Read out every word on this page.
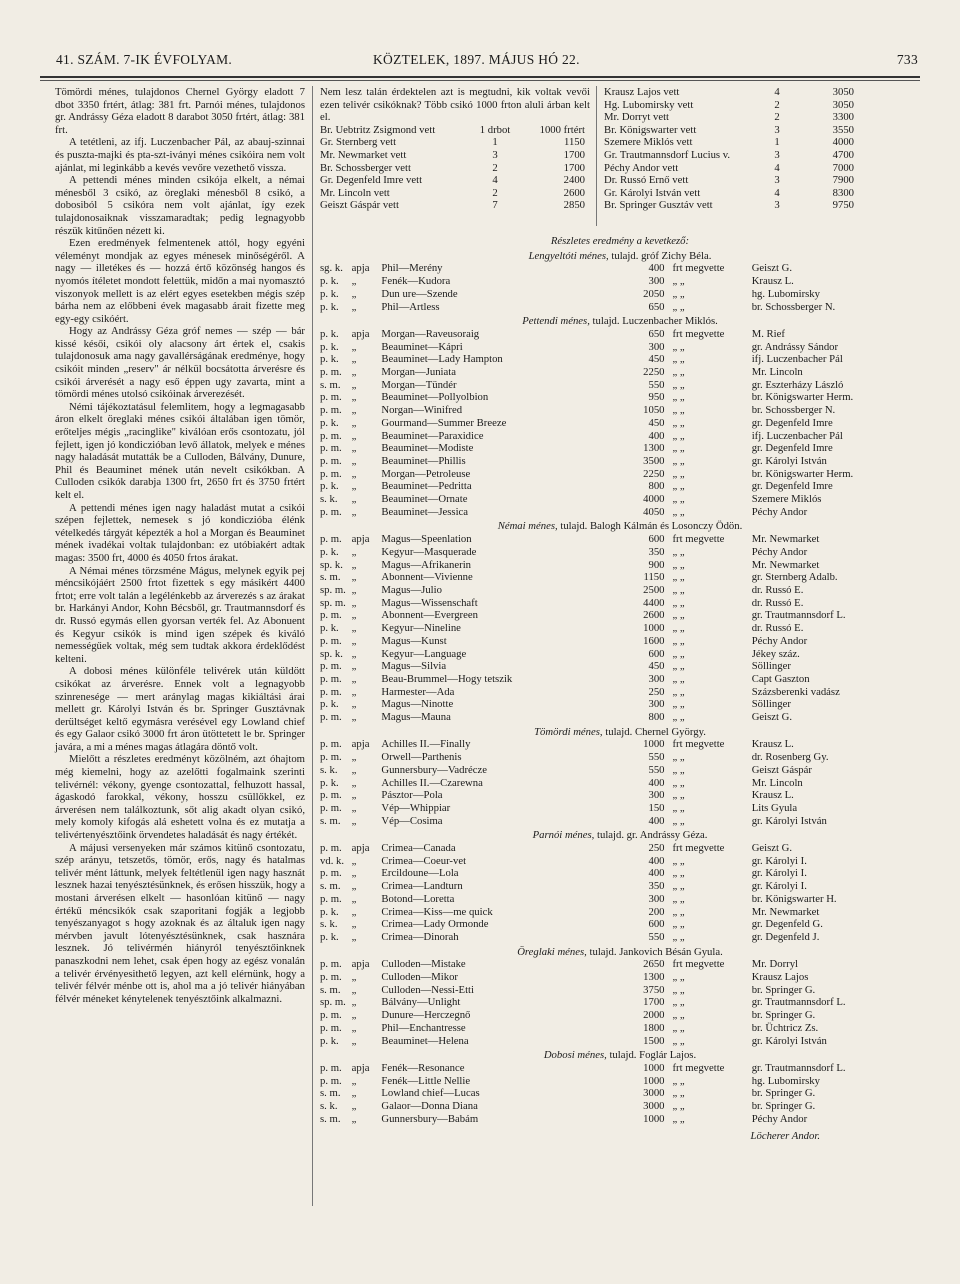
41. SZÁM. 7-IK ÉVFOLYAM.	KÖZTELEK, 1897. MÁJUS HÓ 22.	733

Tömördi ménes, tulajdonos Chernel György eladott 7 dbot 3350 frtért, átlag: 381 frt. Parnói ménes, tulajdonos gr. Andrássy Géza eladott 8 darabot 3050 frtért, átlag: 381 frt.

A tetétleni, az ifj. Luczenbacher Pál, az abauj-szinnai és puszta-majki és pta-szt-iványi ménes csikóira nem volt ajánlat, mi leginkább a kevés vevőre vezethető vissza.

A pettendi ménes minden csikója elkelt, a némai ménesből 3 csikó, az öreglaki ménesből 8 csikó, a dobosiból 5 csikóra nem volt ajánlat, így ezek tulajdonosaiknak visszamaradtak; pedig legnagyobb részük kitűnően nézett ki.

Ezen eredmények felmentenek attól, hogy egyéni véleményt mondjak az egyes ménesek minőségéről. A nagy — illetékes és — hozzá értő közönség hangos és nyomós ítéletet mondott felettük, midőn a mai nyomasztó viszonyok mellett is az elért egyes esetekben mégis szép bárha nem az előbbeni évek magasabb árait fizette meg egy-egy csikóért.

Hogy az Andrássy Géza gróf nemes — szép — bár kissé késői, csikói oly alacsony árt értek el, csakis tulajdonosuk ama nagy gavallérságának eredménye, hogy csikóit minden „reserv" ár nélkül bocsátotta árverésre és csikói árverését a nagy eső éppen ugy zavarta, mint a tömördi ménes utolsó csikóinak árverezését.

Némi tájékoztatásul felemlitem, hogy a legmagasabb áron elkelt öreglaki ménes csikói általában igen tömör, erőteljes mégis „racinglike" kiválóan erős csontozatu, jól fejlett, igen jó kondiczióban levő állatok, melyek e ménes nagy haladását mutatták be a Culloden, Bálvány, Dunure, Phil és Beauminet mének után nevelt csikókban. A Culloden csikók darabja 1300 frt, 2650 frt és 3750 frtért kelt el.

A pettendi ménes igen nagy haladást mutat a csikói szépen fejlettek, nemesek s jó kondiczióba élénk vételkedés tárgyát képezték a hol a Morgan és Beauminet mének ivadékai voltak tulajdonban: ez utóbiakért adtak magas: 3500 frt, 4000 és 4050 frtos árakat.

A Némai ménes törzsméne Mágus, melynek egyik pej méncsikójáért 2500 frtot fizettek s egy másikért 4400 frtot; erre volt talán a legélénkebb az árverezés s az árakat br. Harkányi Andor, Kohn Bécsből, gr. Trautmannsdorf és dr. Russó egymás ellen gyorsan verték fel. Az Abonuent és Kegyur csikók is mind igen szépek és kiváló nemességűek voltak, még sem tudtak akkora érdeklődést kelteni.

A dobosi ménes különféle telivérek után küldött csikókat az árverésre. Ennek volt a legnagyobb szinrenesége — mert aránylag magas kikiáltási árai mellett gr. Károlyi István és br. Springer Gusztávnak derültséget keltő egymásra verésével egy Lowland chief és egy Galaor csikó 3000 frt áron ütöttetett le br. Springer javára, a mi a ménes magas átlagára döntő volt.

Mielőtt a részletes eredményt közölném, azt óhajtom még kiemelni, hogy az azelőtti fogalmaink szerinti telivérnél: vékony, gyenge csontozattal, felhuzott hassal, ágaskodó farokkal, vékony, hosszu csüllőkkel, ez árverésen nem találkoztunk, sőt alig akadt olyan csikó, mely komoly kifogás alá eshetett volna és ez mutatja a telivértenyésztőink örvendetes haladását és nagy értékét.

A májusi versenyeken már számos kitünő csontozatu, szép arányu, tetszetős, tömör, erős, nagy és hatalmas telivér mént láttunk, melyek feltétlenül igen nagy hasznát lesznek hazai tenyésztésünknek, és erősen hisszük, hogy a mostani árverésen elkelt — hasonlóan kitünő — nagy értékű méncsikók csak szaporitani fogják a legjobb tenyészanyagot s hogy azoknak és az általuk igen nagy mérvben javult lótenyésztésünknek, csak hasznára lesznek. Jó telivérmén hiányról tenyésztőinknek panaszkodni nem lehet, csak épen hogy az egész vonalán a telivér érvényesithető legyen, azt kell elérnünk, hogy a telivér félvér ménbe ott is, ahol ma a jó telivér hiányában félvér méneket kénytelenek tenyésztőink alkalmazni.

Nem lesz talán érdektelen azt is megtudni, kik voltak vevői ezen telivér csikóknak? Több csikó 1000 frton aluli árban kelt el.

Br. Uebtritz Zsigmond vett	1 drbot	1000 frtért
Gr. Sternberg vett	1	1150
Mr. Newmarket vett	3	1700
Br. Schossberger vett	2	1700
Gr. Degenfeld Imre vett	4	2400
Mr. Lincoln vett	2	2600
Geiszt Gáspár vett	7	2850
Krausz Lajos vett	4	3050
Hg. Lubomirsky vett	2	3050
Mr. Dorryt vett	2	3300
Br. Königswarter vett	3	3550
Szemere Miklós vett	1	4000
Gr. Trautmannsdorf Lucius v.	3	4700
Péchy Andor vett	4	7000
Dr. Russó Ernő vett	3	7900
Gr. Károlyi István vett	4	8300
Br. Springer Gusztáv vett	3	9750
Részletes eredmény a kevetkező:
Lengyeltóti ménes, tulajd. gróf Zichy Béla.
sg. k. apja	Phil—Merény	400 frt megvette	Geiszt G.
p. k.	„	Fenék—Kudora	300 „ „	Krausz L.
p. k.	„	Dun ure—Szende	2050 „ „	hg. Lubomirsky
p. k.	„	Phil—Artless	650 „ „	br. Schossberger N.
Pettendi ménes, tulajd. Luczenbacher Miklós.
p. k.	apja	Morgan—Raveusoraig	650 frt megvette	M. Rief
p. k.	„	Beauminet—Kápri	300 „ „	gr. Andrássy Sándor
p. k.	„	Beauminet—Lady Hampton	450 „ „	ifj. Luczenbacher Pál
p. m. „	Morgan—Juniata	2250 „ „	Mr. Lincoln
s. m.	„	Morgan—Tündér	550 „ „	gr. Eszterházy László
p. m. „	Beauminet—Pollyolbion	950 „ „	br. Königswarter Herm.
p. m. „	Norgan—Winifred	1050 „ „	br. Schossberger N.
p. k.	„	Gourmand—Summer Breeze	450 „ „	gr. Degenfeld Imre
p. m. „	Beauminet—Paraxidice	400 „ „	ifj. Luczenbacher Pál
p. m. „	Beauminet—Modiste	1300 „ „	gr. Degenfeld Imre
p. m. „	Beauminet—Phillis	3500 „ „	gr. Károlyi István
p. m. „	Morgan—Petroleuse	2250 „ „	br. Königswarter Herm.
p. k.	„	Beauminet—Pedritta	800 „ „	gr. Degenfeld Imre
s. k.	„	Beauminet—Ornate	4000 „ „	Szemere Miklós
p. m. „	Beauminet—Jessica	4050 „ „	Péchy Andor
Némai ménes, tulajd. Balogh Kálmán és Losonczy Ödön.
p. m. apja	Magus—Speenlation	600 frt megvette	Mr. Newmarket
p. k.	„	Kegyur—Masquerade	350 „ „	Péchy Andor
sp. k. „	Magus—Afrikanerin	900 „ „	Mr. Newmarket
s. m.	„	Abonnent—Vivienne	1150 „ „	gr. Sternberg Adalb.
sp. m. „	Magus—Julio	2500 „ „	dr. Russó E.
sp. m. „	Magus—Wissenschaft	4400 „ „	dr. Russó E.
p. m. „	Abonnent—Evergreen	2600 „ „	gr. Trautmannsdorf L.
p. k.	„	Kegyur—Nineline	1000 „ „	dr. Russó E.
p. m. „	Magus—Kunst	1600 „ „	Péchy Andor
sp. k. „	Kegyur—Language	600 „ „	Jékey száz.
p. m. „	Magus—Silvia	450 „ „	Söllinger
p. m. „	Beau-Brummel—Hogy tetszik	300 „ „	Capt Gaszton
p. m. „	Harmester—Ada	250 „ „	Százsberenki vadász
p. k.	„	Magus—Ninotte	300 „ „	Söllinger
p. m. „	Magus—Mauna	800 „ „	Geiszt G.
Tömördi ménes, tulajd. Chernel György.
p. m. apja	Achilles II.—Finally	1000 frt megvette	Krausz L.
p. m. „	Orwell—Parthenis	550 „ „	dr. Rosenberg Gy.
s. k.	„	Gunnersbury—Vadrécze	550 „ „	Geiszt Gáspár
p. k.	„	Achilles II.—Czarewna	400 „ „	Mr. Lincoln
p. m. „	Pásztor—Pola	300 „ „	Krausz L.
p. m. „	Vép—Whippiar	150 „ „	Lits Gyula
s. m.	„	Vép—Cosima	400 „ „	gr. Károlyi István
Parnói ménes, tulajd. gr. Andrássy Géza.
p. m. apja	Crimea—Canada	250 frt megvette	Geiszt G.
vd. k. „	Crimea—Coeur-vet	400 „ „	gr. Károlyi I.
p. m. „	Ercildoune—Lola	400 „ „	gr. Károlyi I.
s. m.	„	Crimea—Landturn	350 „ „	gr. Károlyi I.
p. m. „	Botond—Loretta	300 „ „	br. Königswarter H.
p. k.	„	Crimea—Kiss—me quick	200 „ „	Mr. Newmarket
s. k.	„	Crimea—Lady Ormonde	600 „ „	gr. Degenfeld G.
p. k.	„	Crimea—Dinorah	550 „ „	gr. Degenfeld J.
Öreglaki ménes, tulajd. Jankovich Bésán Gyula.
p. m. apja	Culloden—Mistake	2650 frt megvette	Mr. Dorryl
p. m. „	Culloden—Mikor	1300 „ „	Krausz Lajos
s. m.	„	Culloden—Nessi-Etti	3750 „ „	br. Springer G.
sp. m. „	Bálvány—Unlight	1700 „ „	gr. Trautmannsdorf L.
p. m. „	Dunure—Herczegnő	2000 „ „	br. Springer G.
p. m. „	Phil—Enchantresse	1800 „ „	br. Üchtricz Zs.
p. k.	„	Beauminet—Helena	1500 „ „	gr. Károlyi István
Dobosi ménes, tulajd. Foglár Lajos.
p. m. apja	Fenék—Resonance	1000 frt megvette	gr. Trautmannsdorf L.
p. m. „	Fenék—Little Nellie	1000 „ „	hg. Lubomirsky
s. m.	„	Lowland chief—Lucas	3000 „ „	br. Springer G.
s. k.	„	Galaor—Donna Diana	3000 „ „	br. Springer G.
s. m.	„	Gunnersbury—Babám	1000 „ „	Péchy Andor
Löcherer Andor.
